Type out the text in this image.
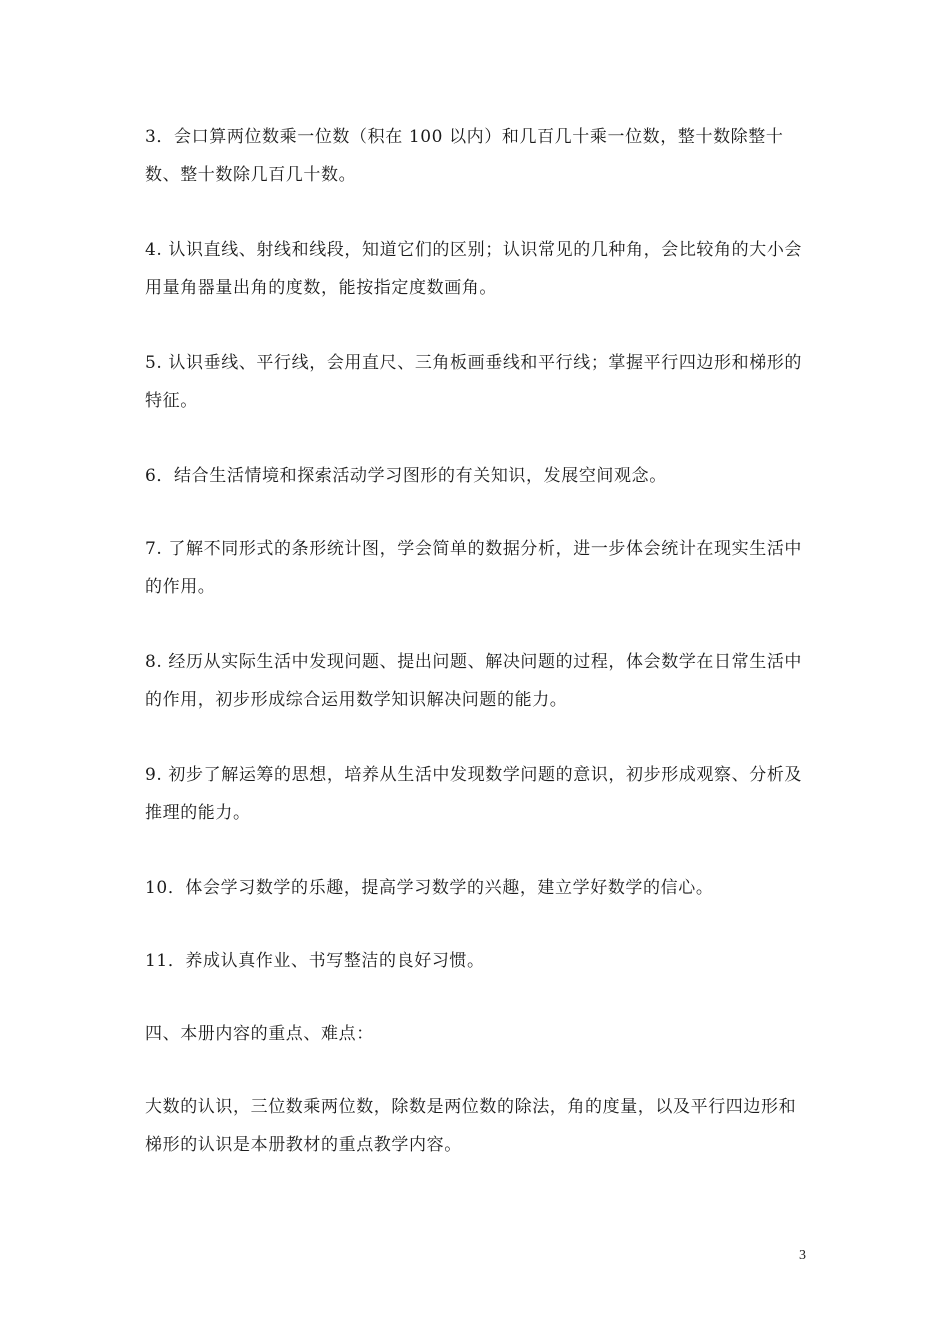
3．会口算两位数乘一位数（积在 100 以内）和几百几十乘一位数，整十数除整十数、整十数除几百几十数。

4. 认识直线、射线和线段，知道它们的区别；认识常见的几种角，会比较角的大小会用量角器量出角的度数，能按指定度数画角。

5. 认识垂线、平行线，会用直尺、三角板画垂线和平行线；掌握平行四边形和梯形的特征。

6．结合生活情境和探索活动学习图形的有关知识，发展空间观念。

7. 了解不同形式的条形统计图，学会简单的数据分析，进一步体会统计在现实生活中的作用。

8. 经历从实际生活中发现问题、提出问题、解决问题的过程，体会数学在日常生活中的作用，初步形成综合运用数学知识解决问题的能力。

9. 初步了解运筹的思想，培养从生活中发现数学问题的意识，初步形成观察、分析及推理的能力。

10．体会学习数学的乐趣，提高学习数学的兴趣，建立学好数学的信心。

11．养成认真作业、书写整洁的良好习惯。

四、本册内容的重点、难点：

大数的认识，三位数乘两位数，除数是两位数的除法，角的度量，以及平行四边形和梯形的认识是本册教材的重点教学内容。

3
